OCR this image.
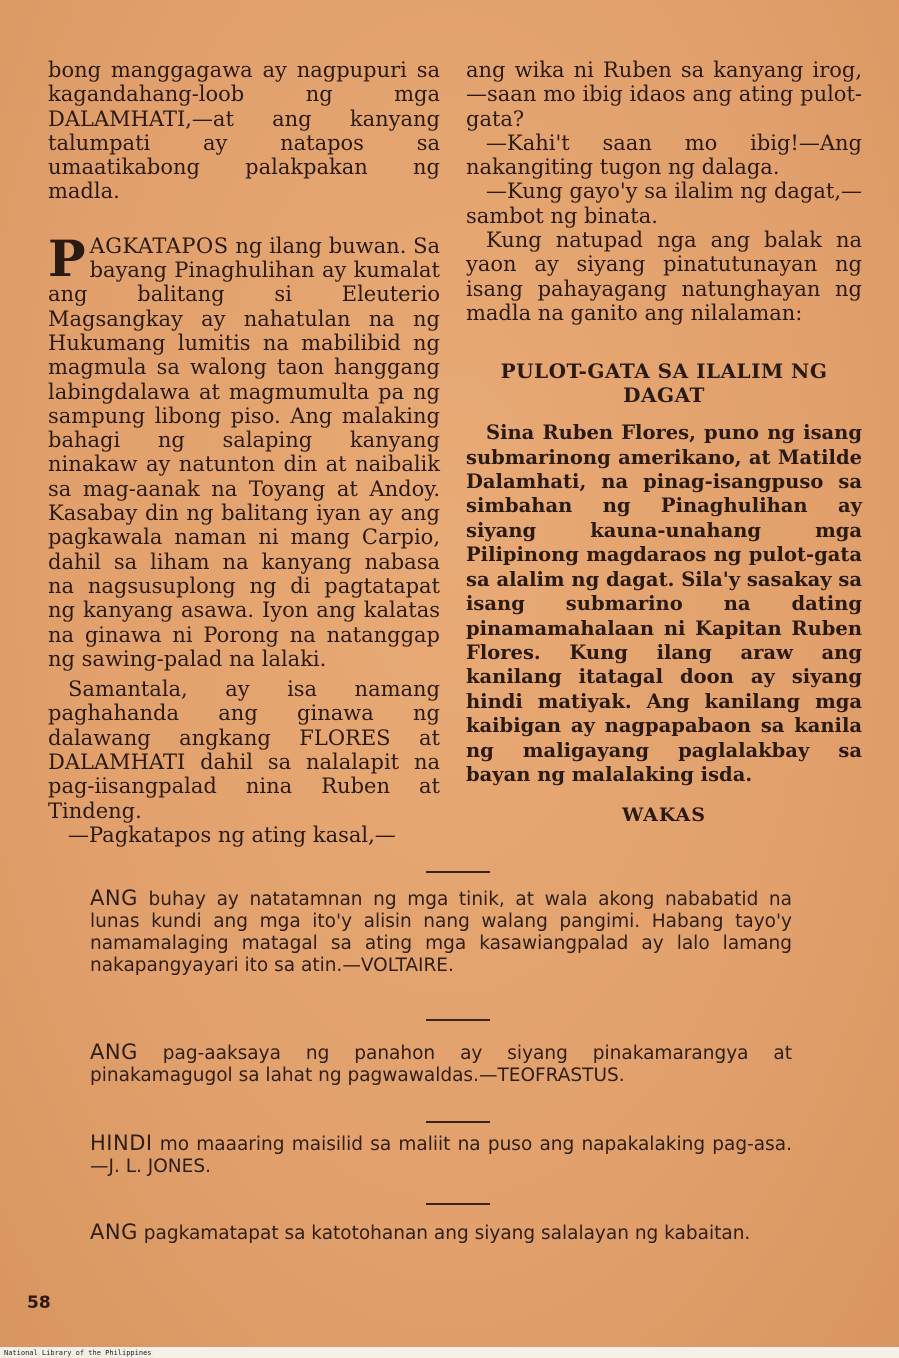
bong manggagawa ay nagpupuri sa kagandahang-loob ng mga DALAMHATI,—at ang kanyang talumpati ay natapos sa umaatikabong palakpakan ng madla.

PAGKATAPOS ng ilang buwan. Sa bayang Pinaghulihan ay kumalat ang balitang si Eleuterio Magsangkay ay nahatulan na ng Hukumang lumitis na mabilibid ng magmula sa walong taon hanggang labingdalawa at magmumulta pa ng sampung libong piso. Ang malaking bahagi ng salaping kanyang ninakaw ay natunton din at naibalik sa mag-aanak na Toyang at Andoy. Kasabay din ng balitang iyan ay ang pagkawala naman ni mang Carpio, dahil sa liham na kanyang nabasa na nagsusuplong ng di pagtatapat ng kanyang asawa. Iyon ang kalatas na ginawa ni Porong na natanggap ng sawing-palad na lalaki.

Samantala, ay isa namang paghahanda ang ginawa ng dalawang angkang FLORES at DALAMHATI dahil sa nalalapit na pag-iisangpalad nina Ruben at Tindeng.

—Pagkatapos ng ating kasal,—

ang wika ni Ruben sa kanyang irog,—saan mo ibig idaos ang ating pulot-gata?

—Kahi't saan mo ibig!—Ang nakangiting tugon ng dalaga.

—Kung gayo'y sa ilalim ng dagat,—sambot ng binata.

Kung natupad nga ang balak na yaon ay siyang pinatutunayan ng isang pahayagang natunghayan ng madla na ganito ang nilalaman:

PULOT-GATA SA ILALIM NG DAGAT

Sina Ruben Flores, puno ng isang submarinong amerikano, at Matilde Dalamhati, na pinag-isangpuso sa simbahan ng Pinaghulihan ay siyang kauna-unahang mga Pilipinong magdaraos ng pulot-gata sa alalim ng dagat. Sila'y sasakay sa isang submarino na dating pinamamahalaan ni Kapitan Ruben Flores. Kung ilang araw ang kanilang itatagal doon ay siyang hindi matiyak. Ang kanilang mga kaibigan ay nagpapabaon sa kanila ng maligayang paglalakbay sa bayan ng malalaking isda.

WAKAS
ANG buhay ay natatamnan ng mga tinik, at wala akong nababatid na lunas kundi ang mga ito'y alisin nang walang pangimi. Habang tayo'y namamalaging matagal sa ating mga kasawiangpalad ay lalo lamang nakapangyayari ito sa atin.—VOLTAIRE.
ANG pag-aaksaya ng panahon ay siyang pinakamarangya at pinakamagugol sa lahat ng pagwawaldas.—TEOFRASTUS.
HINDI mo maaaring maisilid sa maliit na puso ang napakalaking pag-asa.—J. L. JONES.
ANG pagkamatapat sa katotohanan ang siyang salalayan ng kabaitan.
58
National Library of the Philippines
